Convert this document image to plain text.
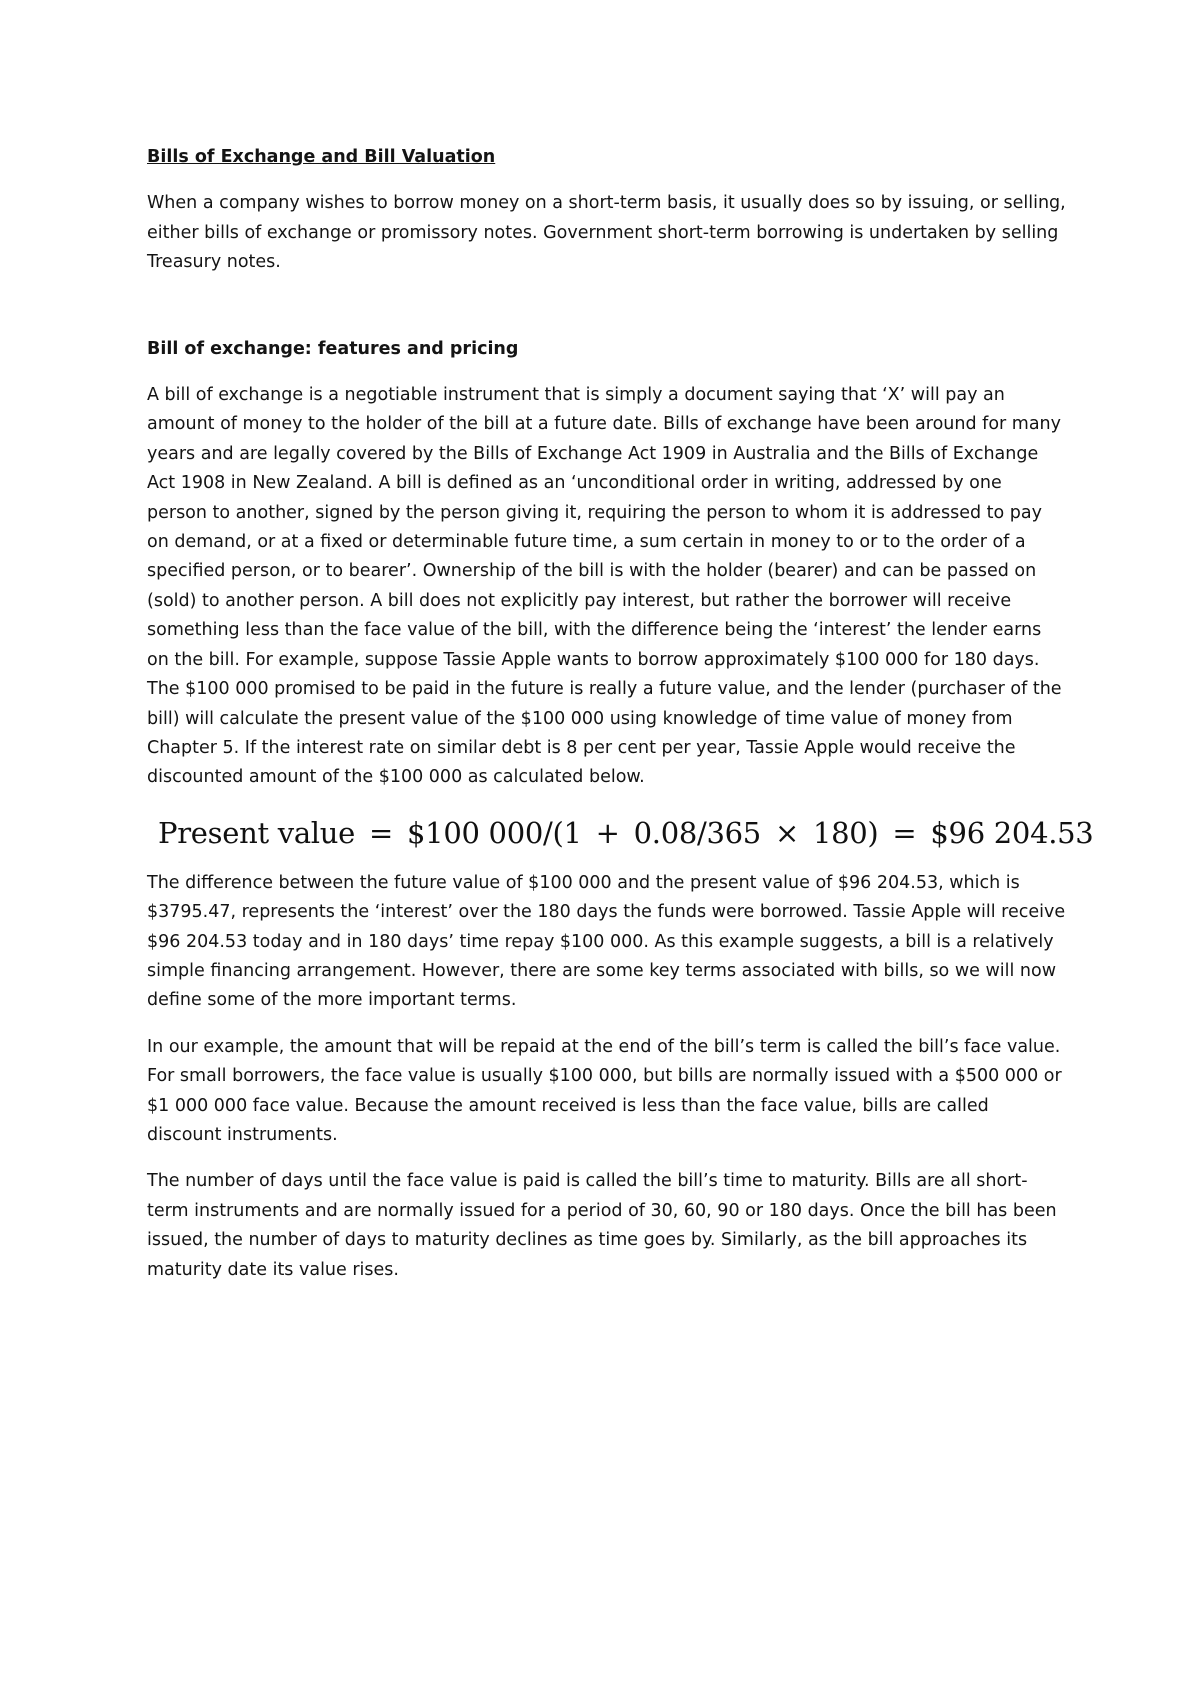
Bills of Exchange and Bill Valuation

When a company wishes to borrow money on a short-term basis, it usually does so by issuing, or selling, either bills of exchange or promissory notes. Government short-term borrowing is undertaken by selling Treasury notes.

Bill of exchange: features and pricing

A bill of exchange is a negotiable instrument that is simply a document saying that ‘X’ will pay an amount of money to the holder of the bill at a future date. Bills of exchange have been around for many years and are legally covered by the Bills of Exchange Act 1909 in Australia and the Bills of Exchange Act 1908 in New Zealand. A bill is defined as an ‘unconditional order in writing, addressed by one person to another, signed by the person giving it, requiring the person to whom it is addressed to pay on demand, or at a fixed or determinable future time, a sum certain in money to or to the order of a specified person, or to bearer’. Ownership of the bill is with the holder (bearer) and can be passed on (sold) to another person. A bill does not explicitly pay interest, but rather the borrower will receive something less than the face value of the bill, with the difference being the ‘interest’ the lender earns on the bill. For example, suppose Tassie Apple wants to borrow approximately $100 000 for 180 days. The $100 000 promised to be paid in the future is really a future value, and the lender (purchaser of the bill) will calculate the present value of the $100 000 using knowledge of time value of money from Chapter 5. If the interest rate on similar debt is 8 per cent per year, Tassie Apple would receive the discounted amount of the $100 000 as calculated below.

Present value = $100 000/(1 + 0.08/365 × 180) = $96 204.53

The difference between the future value of $100 000 and the present value of $96 204.53, which is $3795.47, represents the ‘interest’ over the 180 days the funds were borrowed. Tassie Apple will receive $96 204.53 today and in 180 days’ time repay $100 000. As this example suggests, a bill is a relatively simple financing arrangement. However, there are some key terms associated with bills, so we will now define some of the more important terms.

In our example, the amount that will be repaid at the end of the bill’s term is called the bill’s face value. For small borrowers, the face value is usually $100 000, but bills are normally issued with a $500 000 or $1 000 000 face value. Because the amount received is less than the face value, bills are called discount instruments.

The number of days until the face value is paid is called the bill’s time to maturity. Bills are all short-term instruments and are normally issued for a period of 30, 60, 90 or 180 days. Once the bill has been issued, the number of days to maturity declines as time goes by. Similarly, as the bill approaches its maturity date its value rises.
